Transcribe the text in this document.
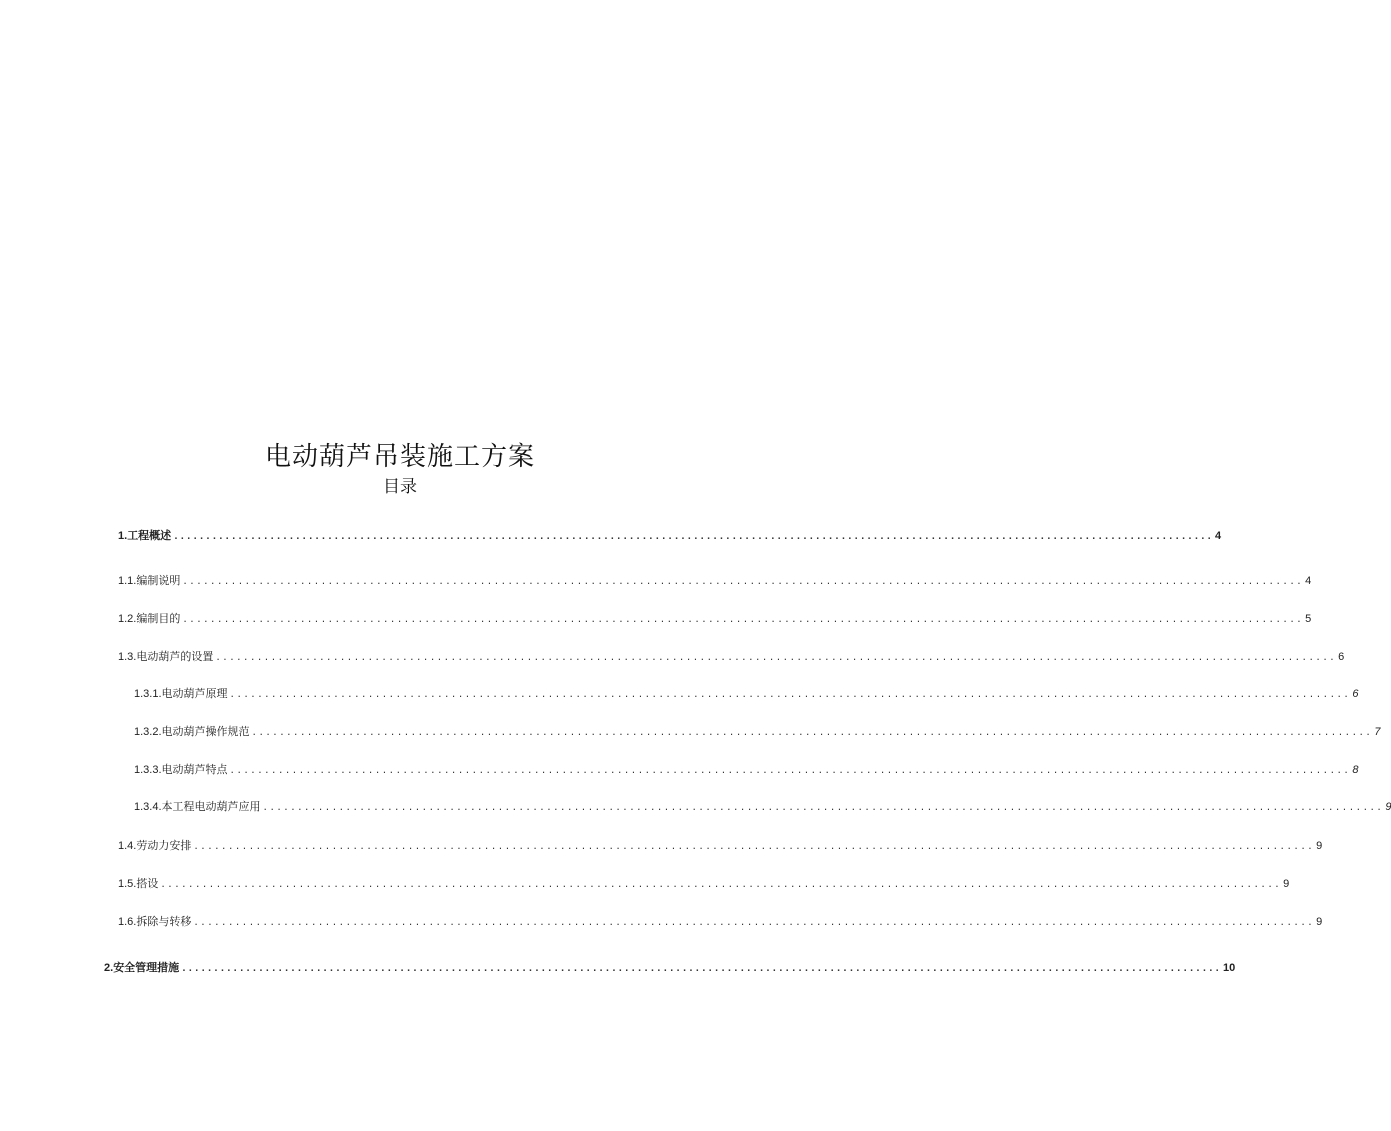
电动葫芦吊装施工方案
目录
1. 工程概述 .................................................................................................................................................................. 4
1.1. 编制说明 .................................................................................................................................................................. 4
1.2. 编制目的 .................................................................................................................................................................. 5
1.3. 电动葫芦的设置 .................................................................................................................................................................. 6
1.3.1. 电动葫芦原理 .................................................................................................................................................................. 6
1.3.2. 电动葫芦操作规范 .................................................................................................................................................................. 7
1.3.3. 电动葫芦特点 .................................................................................................................................................................. 8
1.3.4. 本工程电动葫芦应用 .................................................................................................................................................................. 9
1.4. 劳动力安排 .................................................................................................................................................................. 9
1.5. 搭设 .................................................................................................................................................................. 9
1.6. 拆除与转移 .................................................................................................................................................................. 9
2. 安全管理措施 .................................................................................................................................................................. 10
